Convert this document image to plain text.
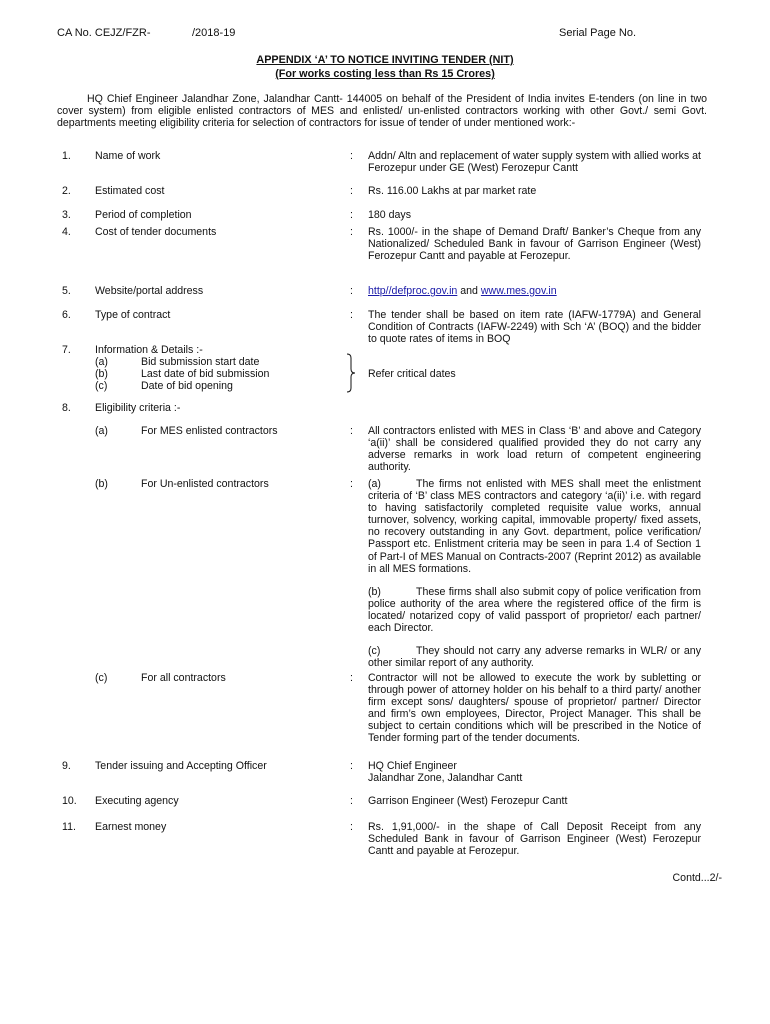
CA No. CEJZ/FZR-	/2018-19	Serial Page No.
APPENDIX ‘A’ TO NOTICE INVITING TENDER (NIT)
(For works costing less than Rs 15 Crores)

HQ Chief Engineer Jalandhar Zone, Jalandhar Cantt- 144005 on behalf of the President of India invites E-tenders (on line in two cover system) from eligible enlisted contractors of MES and enlisted/ un-enlisted contractors working with other Govt./ semi Govt. departments meeting eligibility criteria for selection of contractors for issue of tender of under mentioned work:-

1.	Name of work	:	Addn/ Altn and replacement of water supply system with allied works at Ferozepur under GE (West) Ferozepur Cantt
2.	Estimated cost	:	Rs. 116.00 Lakhs at par market rate
3.	Period of completion	:	180 days
4.	Cost of tender documents	:	Rs. 1000/- in the shape of Demand Draft/ Banker’s Cheque from any Nationalized/ Scheduled Bank in favour of Garrison Engineer (West) Ferozepur Cantt and payable at Ferozepur.
5.	Website/portal address	:	http//defproc.gov.in and www.mes.gov.in
6.	Type of contract	:	The tender shall be based on item rate (IAFW-1779A) and General Condition of Contracts (IAFW-2249) with Sch ‘A’ (BOQ) and the bidder to quote rates of items in BOQ
7.	Information & Details :-
(a)	Bid submission start date
(b)	Last date of bid submission
(c)	Date of bid opening
Refer critical dates
8.	Eligibility criteria :-
(a)	For MES enlisted contractors	:	All contractors enlisted with MES in Class ‘B’ and above and Category ‘a(ii)’ shall be considered qualified provided they do not carry any adverse remarks in work load return of competent engineering authority.
(b)	For Un-enlisted contractors	:	(a)	The firms not enlisted with MES shall meet the enlistment criteria of ‘B’ class MES contractors and category ‘a(ii)’ i.e. with regard to having satisfactorily completed requisite value works, annual turnover, solvency, working capital, immovable property/ fixed assets, no recovery outstanding in any Govt. department, police verification/ Passport etc. Enlistment criteria may be seen in para 1.4 of Section 1 of Part-I of MES Manual on Contracts-2007 (Reprint 2012) as available in all MES formations.

(b)	These firms shall also submit copy of police verification from police authority of the area where the registered office of the firm is located/ notarized copy of valid passport of proprietor/ each partner/ each Director.

(c)	They should not carry any adverse remarks in WLR/ or any other similar report of any authority.

(c)	For all contractors	:	Contractor will not be allowed to execute the work by subletting or through power of attorney holder on his behalf to a third party/ another firm except sons/ daughters/ spouse of proprietor/ partner/ Director and firm’s own employees, Director, Project Manager. This shall be subject to certain conditions which will be prescribed in the Notice of Tender forming part of the tender documents.
9.	Tender issuing and Accepting Officer	:	HQ Chief Engineer

Jalandhar Zone, Jalandhar Cantt

10.	Executing agency	:	Garrison Engineer (West) Ferozepur Cantt
11.	Earnest money	:	Rs. 1,91,000/- in the shape of Call Deposit Receipt from any Scheduled Bank in favour of Garrison Engineer (West) Ferozepur Cantt and payable at Ferozepur.
Contd...2/-
